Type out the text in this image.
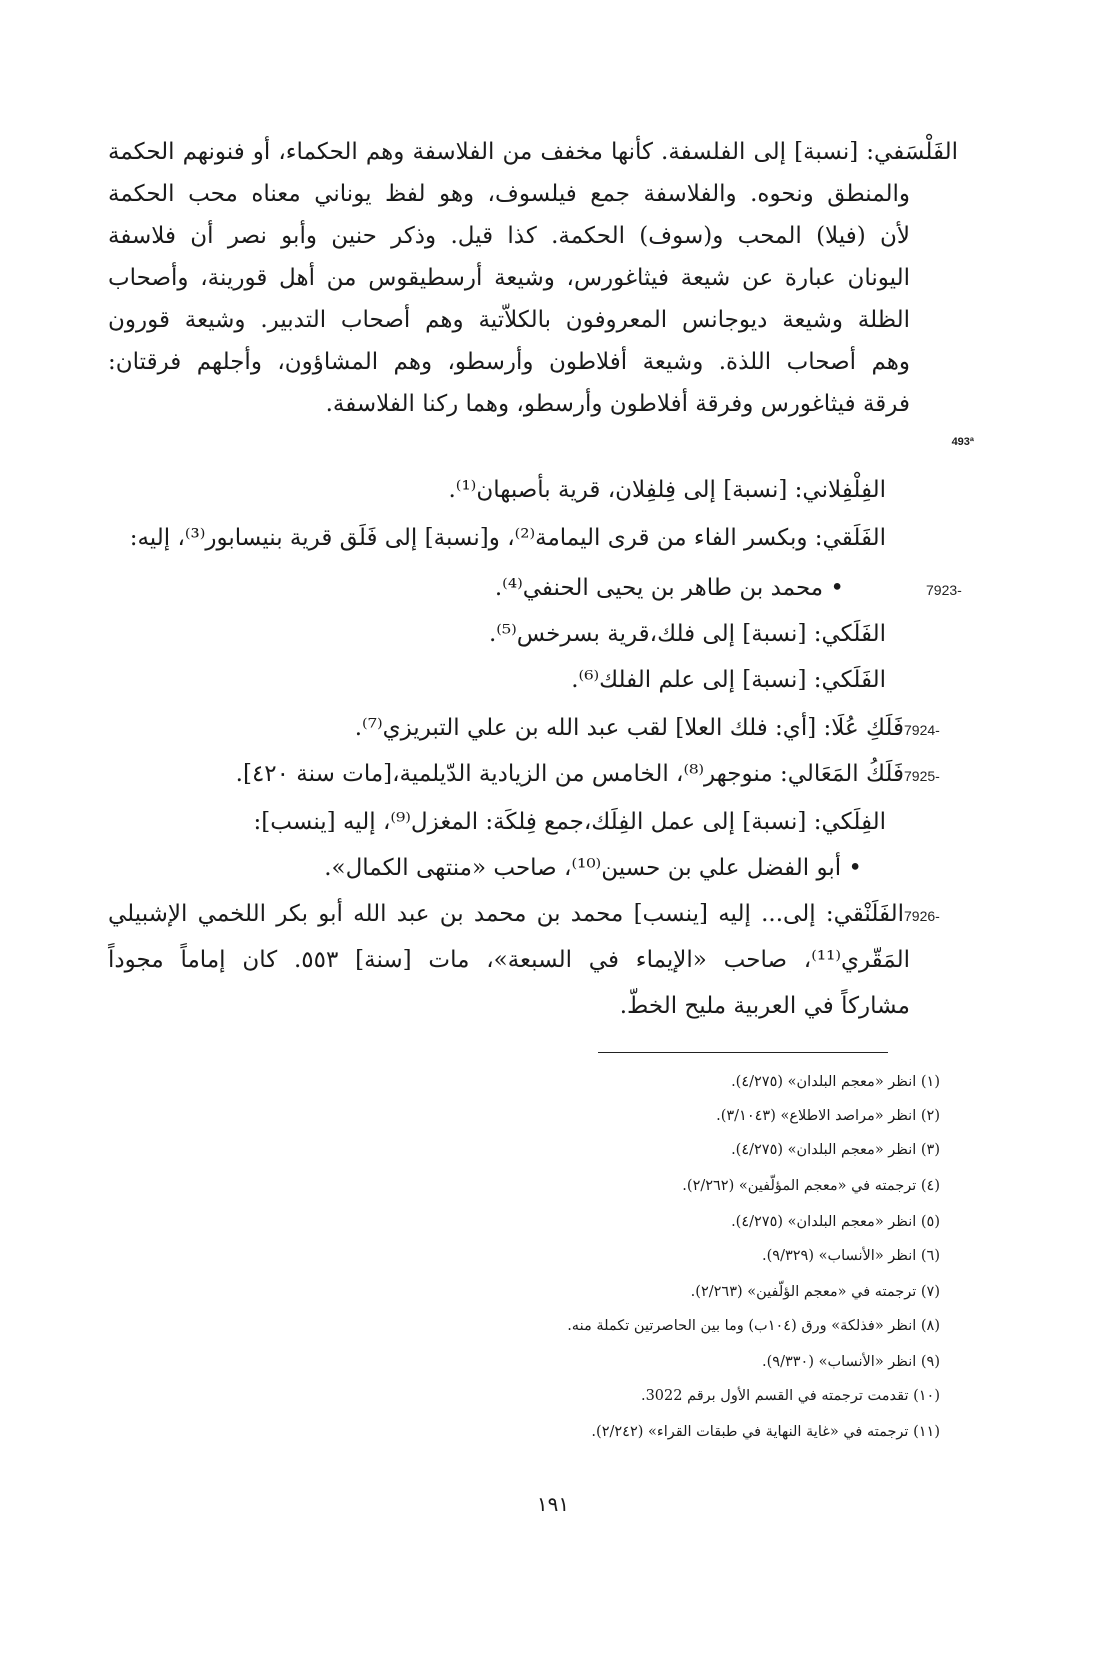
الفَلْسَفي: [نسبة] إلى الفلسفة. كأنها مخفف من الفلاسفة وهم الحكماء، أو فنونهم الحكمة
والمنطق ونحوه. والفلاسفة جمع فيلسوف، وهو لفظ يوناني معناه محب الحكمة
لأن (فيلا) المحب و(سوف) الحكمة. كذا قيل. وذكر حنين وأبو نصر أن فلاسفة
اليونان عبارة عن شيعة فيثاغورس، وشيعة أرسطيقوس من أهل قورينة، وأصحاب
الظلة وشيعة ديوجانس المعروفون بالكلاّتية وهم أصحاب التدبير. وشيعة قورون
وهم أصحاب اللذة. وشيعة أفلاطون وأرسطو، وهم المشاؤون، وأجلهم فرقتان:
فرقة فيثاغورس وفرقة أفلاطون وأرسطو، وهما ركنا الفلاسفة.
493ª
الفِلْفِلاني: [نسبة] إلى فِلفِلان، قرية بأصبهان⁽¹⁾.
الفَلَقي: وبكسر الفاء من قرى اليمامة⁽²⁾، و[نسبة] إلى فَلَق قرية بنيسابور⁽³⁾، إليه:
7923-
• محمد بن طاهر بن يحيى الحنفي⁽⁴⁾.
الفَلَكي: [نسبة] إلى فلك،قرية بسرخس⁽⁵⁾.
الفَلَكي: [نسبة] إلى علم الفلك⁽⁶⁾.
7924-
فَلَكِ عُلَا: [أي: فلك العلا] لقب عبد الله بن علي التبريزي⁽⁷⁾.
7925-
فَلَكُ المَعَالي: منوجهر⁽⁸⁾، الخامس من الزيادية الدّيلمية،[مات سنة ٤٢٠].
الفِلَكي: [نسبة] إلى عمل الفِلَك،جمع فِلكَة: المغزل⁽⁹⁾، إليه [ينسب]:
• أبو الفضل علي بن حسين⁽¹⁰⁾، صاحب «منتهى الكمال».
7926-
الفَلَنْقي: إلى... إليه [ينسب] محمد بن محمد بن عبد الله أبو بكر اللخمي الإشبيلي
المَقّري⁽¹¹⁾، صاحب «الإيماء في السبعة»، مات [سنة] ٥٥٣. كان إماماً مجوداً
مشاركاً في العربية مليح الخطّ.
(١) انظر «معجم البلدان» (٤/٢٧٥).
(٢) انظر «مراصد الاطلاع» (٣/١٠٤٣).
(٣) انظر «معجم البلدان» (٤/٢٧٥).
(٤) ترجمته في «معجم المؤلّفين» (٢/٢٦٢).
(٥) انظر «معجم البلدان» (٤/٢٧٥).
(٦) انظر «الأنساب» (٩/٣٢٩).
(٧) ترجمته في «معجم الؤلّفين» (٢/٢٦٣).
(٨) انظر «فذلكة» ورق (١٠٤ب) وما بين الحاصرتين تكملة منه.
(٩) انظر «الأنساب» (٩/٣٣٠).
(١٠) تقدمت ترجمته في القسم الأول برقم 3022.
(١١) ترجمته في «غاية النهاية في طبقات القراء» (٢/٢٤٢).
١٩١
